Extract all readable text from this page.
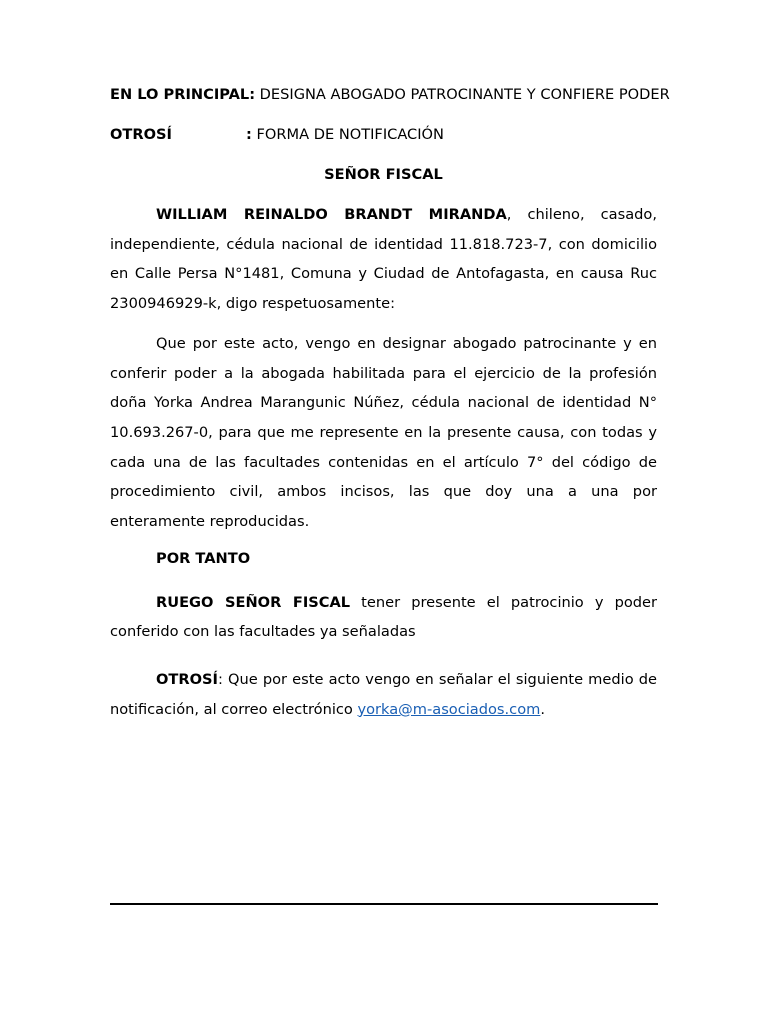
EN LO PRINCIPAL: DESIGNA ABOGADO PATROCINANTE Y CONFIERE PODER

OTROSÍ	: FORMA DE NOTIFICACIÓN

SEÑOR FISCAL

WILLIAM REINALDO BRANDT MIRANDA, chileno, casado, independiente, cédula nacional de identidad 11.818.723-7, con domicilio en Calle Persa N°1481, Comuna y Ciudad de Antofagasta, en causa Ruc 2300946929-k, digo respetuosamente:

Que por este acto, vengo en designar abogado patrocinante y en conferir poder a la abogada habilitada para el ejercicio de la profesión doña Yorka Andrea Marangunic Núñez, cédula nacional de identidad N° 10.693.267-0, para que me represente en la presente causa, con todas y cada una de las facultades contenidas en el artículo 7° del código de procedimiento civil, ambos incisos, las que doy una a una por enteramente reproducidas.

POR TANTO

RUEGO SEÑOR FISCAL tener presente el patrocinio y poder conferido con las facultades ya señaladas

OTROSÍ: Que por este acto vengo en señalar el siguiente medio de notificación, al correo electrónico yorka@m-asociados.com.
